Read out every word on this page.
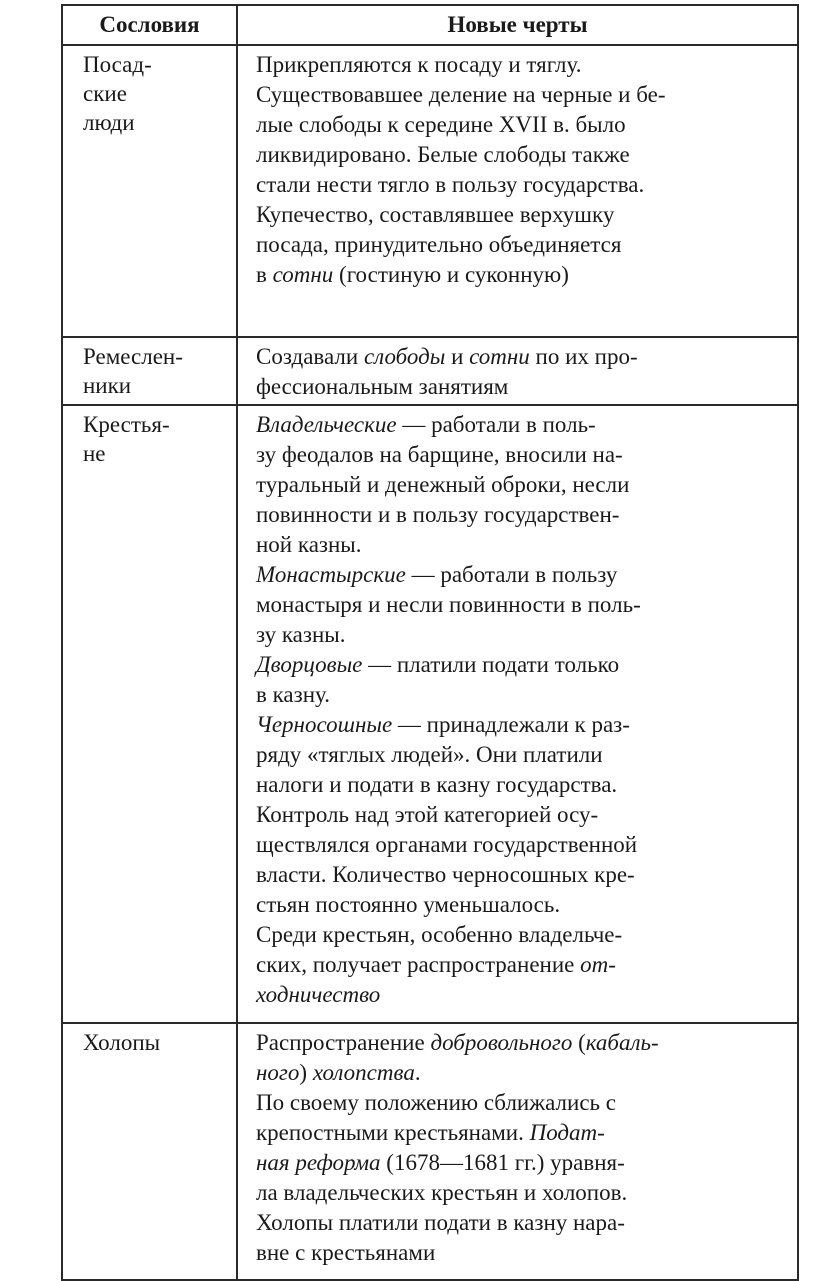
Сословия	Новые черты
Посад-
ские
люди
Прикрепляются к посаду и тяглу.
Существовавшее деление на черные и бе-
лые слободы к середине XVII в. было
ликвидировано. Белые слободы также
стали нести тягло в пользу государства.
Купечество, составлявшее верхушку
посада, принудительно объединяется
в сотни (гостиную и суконную)
Ремеслен-
ники
Создавали слободы и сотни по их про-
фессиональным занятиям
Крестья-
не
Владельческие — работали в поль-
зу феодалов на барщине, вносили на-
туральный и денежный оброки, несли
повинности и в пользу государствен-
ной казны.
Монастырские — работали в пользу
монастыря и несли повинности в поль-
зу казны.
Дворцовые — платили подати только
в казну.
Черносошные — принадлежали к раз-
ряду «тяглых людей». Они платили
налоги и подати в казну государства.
Контроль над этой категорией осу-
ществлялся органами государственной
власти. Количество черносошных кре-
стьян постоянно уменьшалось.
Среди крестьян, особенно владельче-
ских, получает распространение от-
ходничество
Холопы	Распространение добровольного (кабаль-
ного) холопства.
По своему положению сближались с
крепостными крестьянами. Подат-
ная реформа (1678—1681 гг.) уравня-
ла владельческих крестьян и холопов.
Холопы платили подати в казну нара-
вне с крестьянами
